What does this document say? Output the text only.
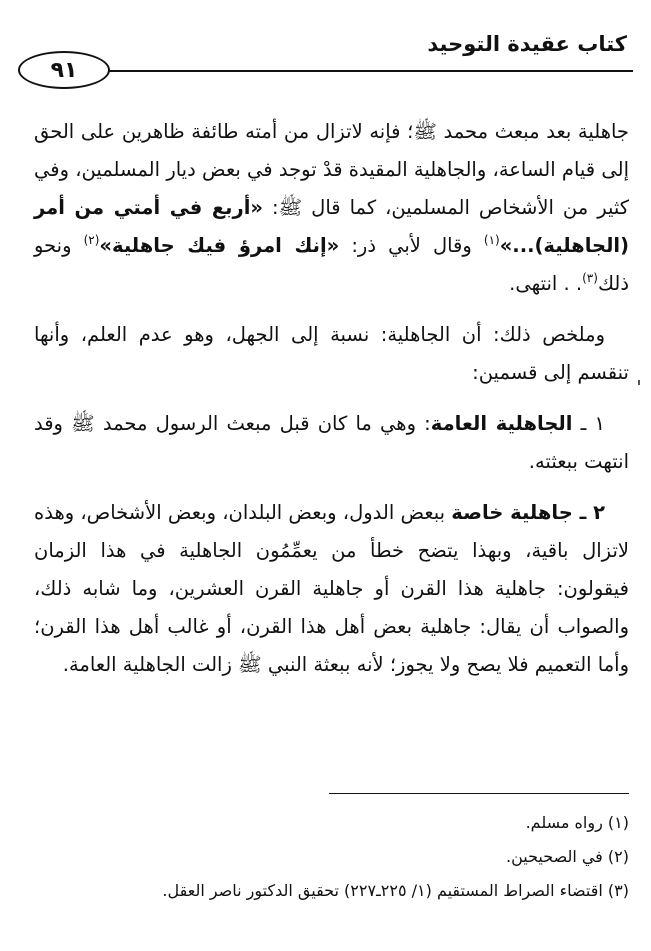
كتاب عقيدة التوحيد
٩١

جاهلية بعد مبعث محمد ﷺ؛ فإنه لاتزال من أمته طائفة ظاهرين على الحق إلى قيام الساعة، والجاهلية المقيدة قدْ توجد في بعض ديار المسلمين، وفي كثير من الأشخاص المسلمين، كما قال ﷺ: «أربع في أمتي من أمر (الجاهلية)...»$^{(١)}$ وقال لأبي ذر: «إنك امرؤ فيك جاهلية»$^{(٢)}$ ونحو ذلك$^{(٣)}$. . انتهى.

وملخص ذلك: أن الجاهلية: نسبة إلى الجهل، وهو عدم العلم، وأنها تنقسم إلى قسمين:

١ ـ الجاهلية العامة: وهي ما كان قبل مبعث الرسول محمد ﷺ وقد انتهت ببعثته.

٢ ـ جاهلية خاصة ببعض الدول، وبعض البلدان، وبعض الأشخاص، وهذه لاتزال باقية، وبهذا يتضح خطأ من يعمِّمُون الجاهلية في هذا الزمان فيقولون: جاهلية هذا القرن أو جاهلية القرن العشرين، وما شابه ذلك، والصواب أن يقال: جاهلية بعض أهل هذا القرن، أو غالب أهل هذا القرن؛ وأما التعميم فلا يصح ولا يجوز؛ لأنه ببعثة النبي ﷺ زالت الجاهلية العامة.

(١) رواه مسلم.

(٢) في الصحيحين.

(٣) اقتضاء الصراط المستقيم (١/ ٢٢٥ـ٢٢٧) تحقيق الدكتور ناصر العقل.
